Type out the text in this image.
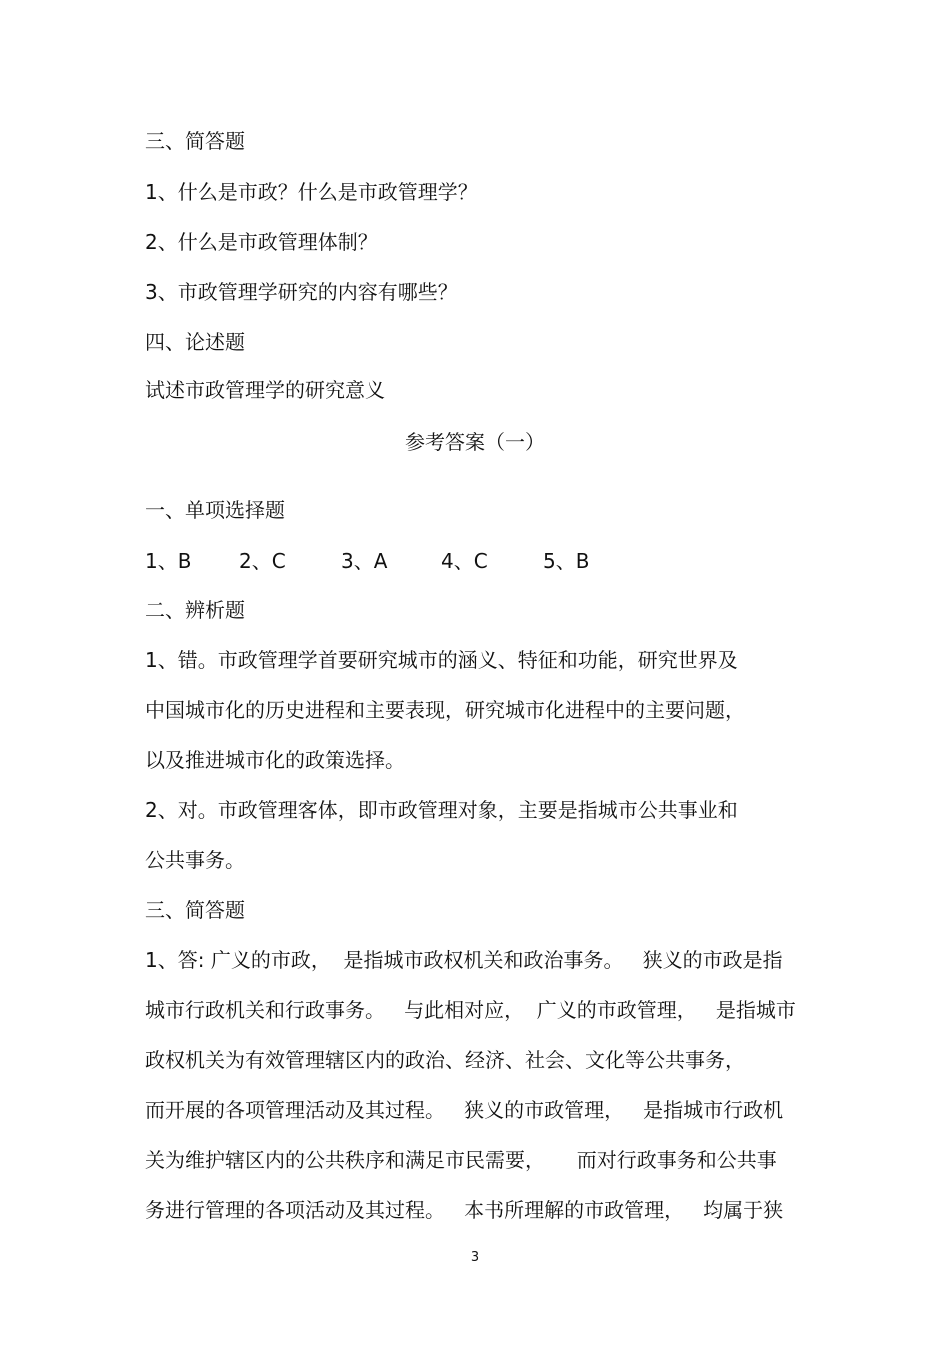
三、简答题

1、什么是市政？什么是市政管理学？

2、什么是市政管理体制？

3、市政管理学研究的内容有哪些？

四、论述题

试述市政管理学的研究意义

参考答案（一）

一、单项选择题

1、B 2、C	3、A	4、C	5、B

二、辨析题

1、错。市政管理学首要研究城市的涵义、特征和功能，研究世界及

中国城市化的历史进程和主要表现，研究城市化进程中的主要问题，

以及推进城市化的政策选择。

2、对。市政管理客体，即市政管理对象，主要是指城市公共事业和

公共事务。

三、简答题

1、答: 广义的市政，  是指城市政权机关和政治事务。   狭义的市政是指

城市行政机关和行政事务。   与此相对应，  广义的市政管理，   是指城市

政权机关为有效管理辖区内的政治、经济、社会、文化等公共事务，

而开展的各项管理活动及其过程。   狭义的市政管理，   是指城市行政机

关为维护辖区内的公共秩序和满足市民需要，     而对行政事务和公共事

务进行管理的各项活动及其过程。   本书所理解的市政管理，   均属于狭

3
